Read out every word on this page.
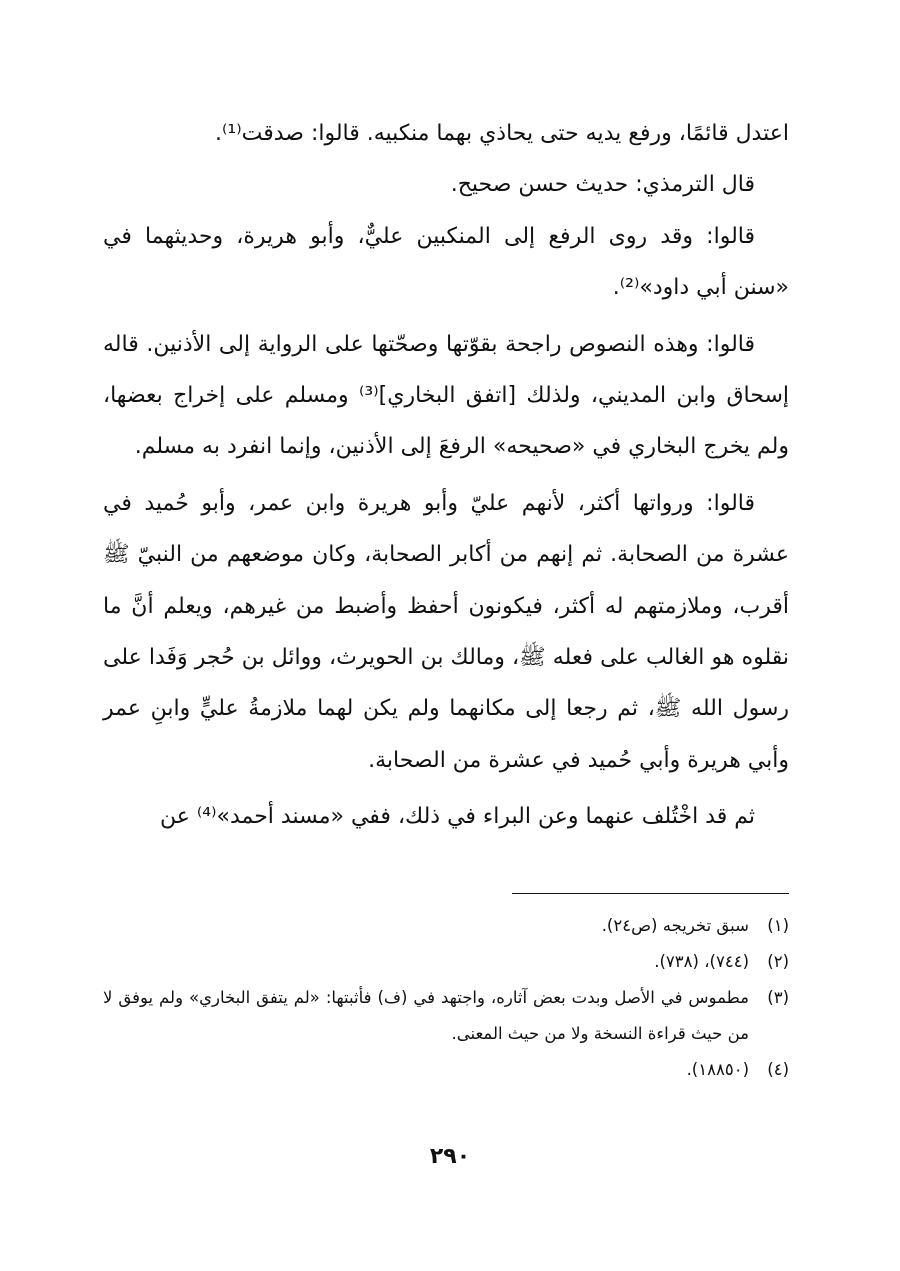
اعتدل قائمًا، ورفع يديه حتى يحاذي بهما منكبيه. قالوا: صدقت⁽¹⁾.

قال الترمذي: حديث حسن صحيح.

قالوا: وقد روى الرفع إلى المنكبين عليٌّ، وأبو هريرة، وحديثهما في «سنن أبي داود»⁽²⁾.

قالوا: وهذه النصوص راجحة بقوّتها وصحّتها على الرواية إلى الأذنين. قاله إسحاق وابن المديني، ولذلك [اتفق البخاري]⁽³⁾ ومسلم على إخراج بعضها، ولم يخرج البخاري في «صحيحه» الرفعَ إلى الأذنين، وإنما انفرد به مسلم.

قالوا: ورواتها أكثر، لأنهم عليّ وأبو هريرة وابن عمر، وأبو حُميد في عشرة من الصحابة. ثم إنهم من أكابر الصحابة، وكان موضعهم من النبيّ ﷺ أقرب، وملازمتهم له أكثر، فيكونون أحفظ وأضبط من غيرهم، ويعلم أنَّ ما نقلوه هو الغالب على فعله ﷺ، ومالك بن الحويرث، ووائل بن حُجر وَفَدا على رسول الله ﷺ، ثم رجعا إلى مكانهما ولم يكن لهما ملازمةُ عليٍّ وابنِ عمر وأبي هريرة وأبي حُميد في عشرة من الصحابة.

ثم قد اخْتُلف عنهما وعن البراء في ذلك، ففي «مسند أحمد»⁽⁴⁾ عن

(١)
سبق تخريجه (ص٢٤).
(٢)
(٧٤٤)، (٧٣٨).
(٣)
مطموس في الأصل وبدت بعض آثاره، واجتهد في (ف) فأثبتها: «لم يتفق البخاري» ولم يوفق لا من حيث قراءة النسخة ولا من حيث المعنى.
(٤)
(١٨٨٥٠).
٢٩٠
